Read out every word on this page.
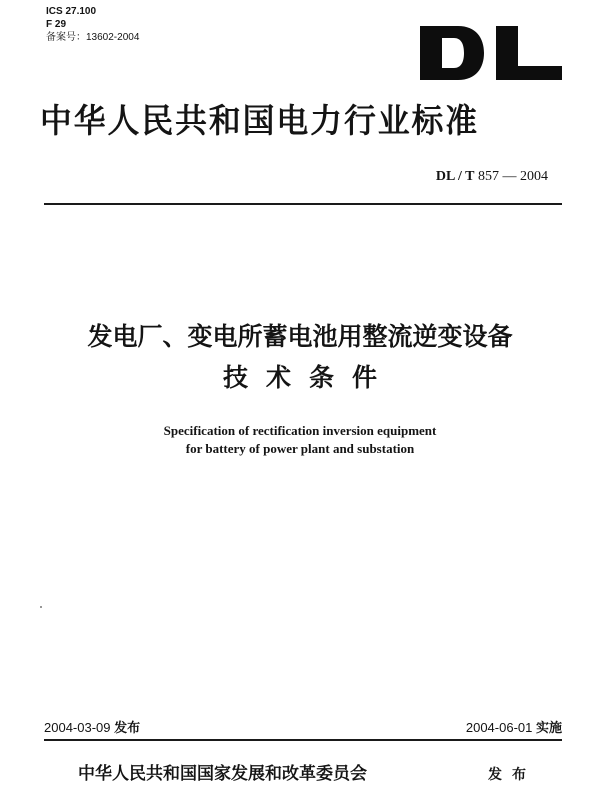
ICS 27.100
F 29
备案号：13602-2004
中华人民共和国电力行业标准
DL / T 857 — 2004
发电厂、变电所蓄电池用整流逆变设备
技术条件
Specification of rectification inversion equipment
for battery of power plant and substation
2004-03-09 发布	2004-06-01 实施
中华人民共和国国家发展和改革委员会	发布
